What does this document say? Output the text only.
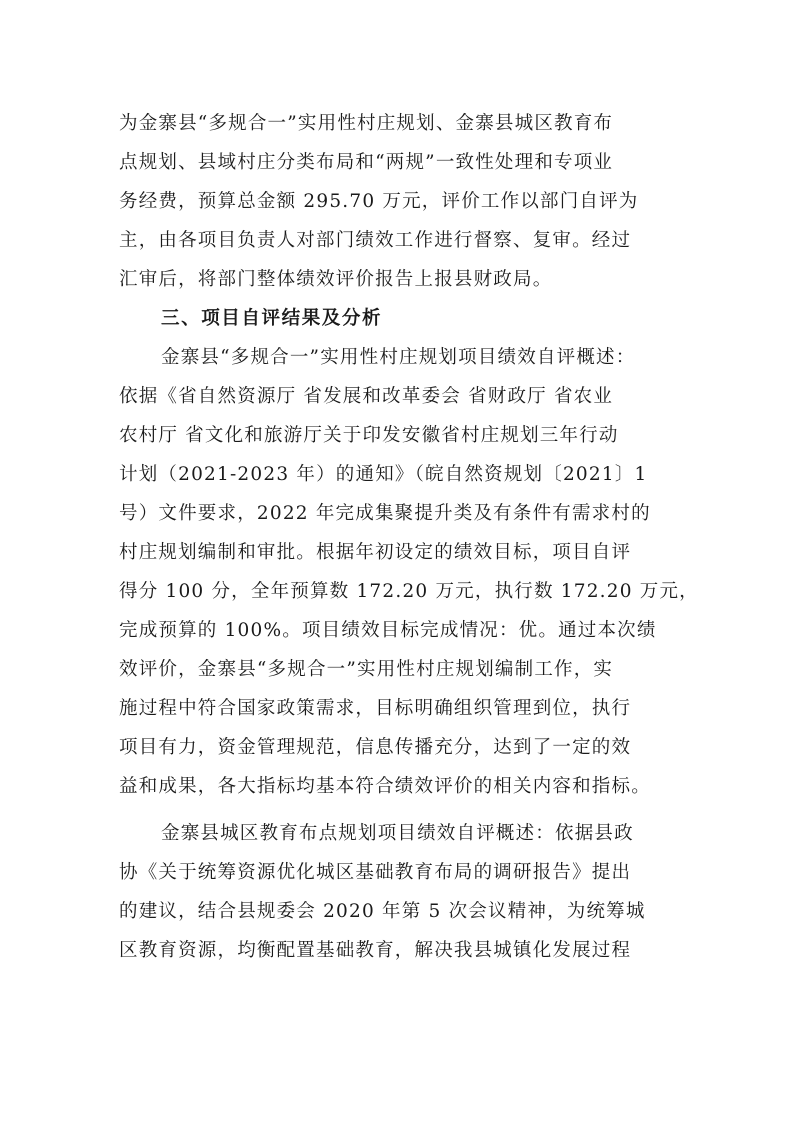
为金寨县“多规合一”实用性村庄规划、金寨县城区教育布
点规划、县域村庄分类布局和“两规”一致性处理和专项业
务经费，预算总金额 295.70 万元，评价工作以部门自评为
主，由各项目负责人对部门绩效工作进行督察、复审。经过
汇审后，将部门整体绩效评价报告上报县财政局。
三、项目自评结果及分析
金寨县“多规合一”实用性村庄规划项目绩效自评概述：
依据《省自然资源厅 省发展和改革委会 省财政厅 省农业
农村厅 省文化和旅游厅关于印发安徽省村庄规划三年行动
计划（2021-2023 年）的通知》（皖自然资规划〔2021〕1
号）文件要求，2022 年完成集聚提升类及有条件有需求村的
村庄规划编制和审批。根据年初设定的绩效目标，项目自评
得分 100 分，全年预算数 172.20 万元，执行数 172.20 万元，
完成预算的 100%。项目绩效目标完成情况：优。通过本次绩
效评价，金寨县“多规合一”实用性村庄规划编制工作，实
施过程中符合国家政策需求，目标明确组织管理到位，执行
项目有力，资金管理规范，信息传播充分，达到了一定的效
益和成果，各大指标均基本符合绩效评价的相关内容和指标。
金寨县城区教育布点规划项目绩效自评概述：依据县政
协《关于统筹资源优化城区基础教育布局的调研报告》提出
的建议，结合县规委会 2020 年第 5 次会议精神，为统筹城
区教育资源，均衡配置基础教育，解决我县城镇化发展过程
